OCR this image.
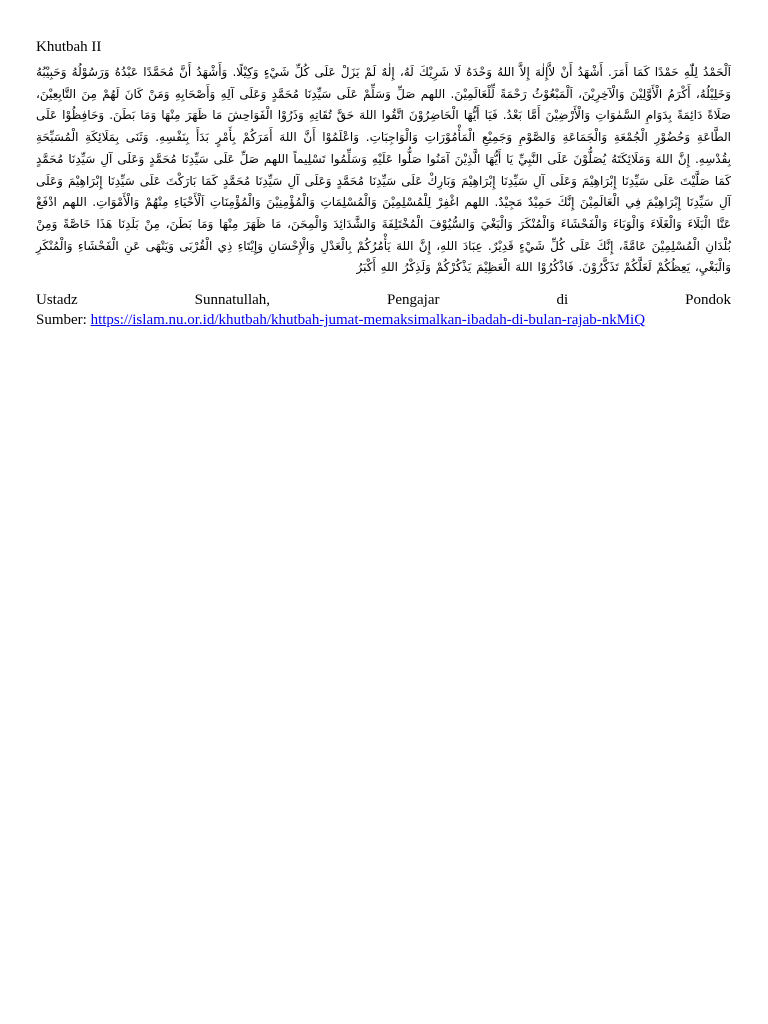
Khutbah II

اَلْحَمْدُ لِلّٰهِ حَمْدًا كَمَا أَمَرَ. أَشْهَدُ أَنْ لاَّإِلٰهَ إِلاَّ اللهُ وَحْدَهُ لَا شَرِيْكَ لَهُ، إِلٰهٌ لَمْ يَزَلْ عَلَى كُلِّ شَيْءٍ وَكِيْلًا. وَأَشْهَدُ أَنَّ مُحَمَّدًا عَبْدُهُ وَرَسُوْلُهُ وَحَبِيْبُهُ وَخَلِيْلُهُ، أَكْرَمُ الْأَوَّلِيْنَ وَالْآخِرِيْنَ، اَلْمَبْعُوْثُ رَحْمَةً لِّلْعَالَمِيْنَ. اللهم صَلِّ وَسَلِّمْ عَلَى سَيِّدِنَا مُحَمَّدٍ وَعَلَى آلِهِ وَأَصْحَابِهِ وَمَنْ كَانَ لَهُمْ مِنَ التَّابِعِيْنَ، صَلَاةً دَائِمَةً بِدَوَامِ السَّمٰوَاتِ وَالْأَرْضِيْنَ أَمَّا بَعْدُ. فَيَا أَيُّهَا الْحَاضِرُوْنَ اتَّقُوا اللهَ حَقَّ تُقَاتِهِ وَذَرُوْا الْفَوَاحِشَ مَا ظَهَرَ مِنْهَا وَمَا بَطَنَ. وَحَافِظُوْا عَلَى الطَّاعَةِ وَحُضُوْرِ الْجُمْعَةِ وَالْجَمَاعَةِ وَالصَّوْمِ وَجَمِيْعِ الْمَأْمُوْرَاتِ وَالْوَاجِبَاتِ. وَاعْلَمُوْا أَنَّ اللهَ أَمَرَكُمْ بِأَمْرٍ بَدَأَ بِنَفْسِهِ. وَثَنَى بِمَلَائِكَةِ الْمُسَبِّحَةِ بِقُدْسِهِ. إِنَّ اللهَ وَمَلَائِكَتَهُ يُصَلُّوْنَ عَلَى النَّبِيِّ يَا أَيُّهَا الَّذِيْنَ آمَنُوا صَلُّوا عَلَيْهِ وَسَلِّمُوا تَسْلِيماً اللهم صَلِّ عَلَى سَيِّدِنَا مُحَمَّدٍ وَعَلَى آلِ سَيِّدِنَا مُحَمَّدٍ كَمَا صَلَّيْتَ عَلَى سَيِّدِنَا إِبْرَاهِيْمَ وَعَلَى آلِ سَيِّدِنَا إِبْرَاهِيْمَ وَبَارِكْ عَلَى سَيِّدِنَا مُحَمَّدٍ وَعَلَى آلِ سَيِّدِنَا مُحَمَّدٍ كَمَا بَارَكْتَ عَلَى سَيِّدِنَا إِبْرَاهِيْمَ وَعَلَى آلِ سَيِّدِنَا إِبْرَاهِيْمَ فِي الْعَالَمِيْنَ إِنَّكَ حَمِيْدٌ مَجِيْدٌ. اللهم اغْفِرْ لِلْمُسْلِمِيْنَ وَالْمُسْلِمَاتِ وَالْمُؤْمِنِيْنَ وَالْمُؤْمِنَاتِ اَلْأَحْيَاءِ مِنْهُمْ وَالْأَمْوَاتِ. اللهم ادْفَعْ عَنَّا الْبَلَاءَ وَالْغَلَاءَ وَالْوَبَاءَ وَالْفَحْشَاءَ وَالْمُنْكَرَ وَالْبَغْيَ وَالسُّيُوْفَ الْمُخْتَلِفَةَ وَالشَّدَائِدَ وَالْمِحَنَ، مَا ظَهَرَ مِنْهَا وَمَا بَطَنَ، مِنْ بَلَدِنَا هَذَا خَاصَّةً وَمِنْ بُلْدَانِ الْمُسْلِمِيْنَ عَامَّةً، إِنَّكَ عَلَى كُلِّ شَيْءٍ قَدِيْرٌ. عِبَادَ اللهِ، إِنَّ اللهَ يَأْمُرُكُمْ بِالْعَدْلِ وَالْإِحْسَانِ وَإِيْتَاءِ ذِي الْقُرْبَى وَيَنْهَى عَنِ الْفَحْشَاءِ وَالْمُنْكَرِ وَالْبَغْيِ، يَعِظُكُمْ لَعَلَّكُمْ تَذَكَّرُوْنَ. فَاذْكُرُوْا اللهَ الْعَظِيْمَ يَذْكُرْكُمْ وَلَذِكْرُ اللهِ أَكْبَرُ

Ustadz	Sunnatullah,	Pengajar	di	Pondok
Sumber: https://islam.nu.or.id/khutbah/khutbah-jumat-memaksimalkan-ibadah-di-bulan-rajab-nkMiQ
